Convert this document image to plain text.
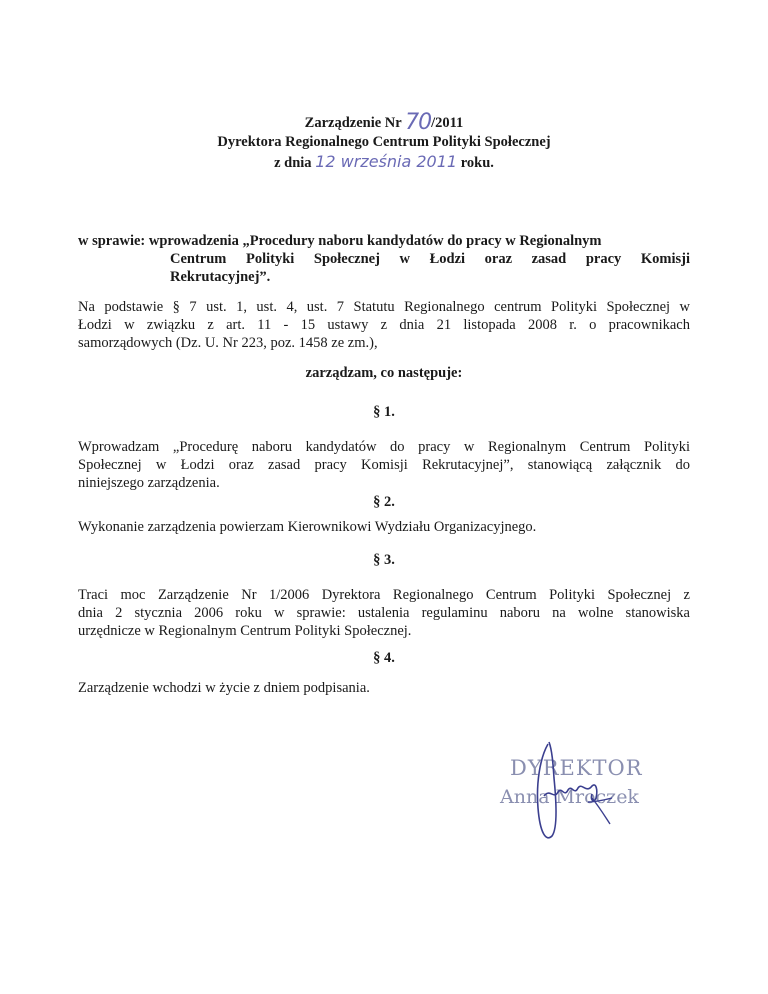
Zarządzenie Nr 70/2011
Dyrektora Regionalnego Centrum Polityki Społecznej
z dnia 12 września 2011 roku.
w sprawie: wprowadzenia „Procedury naboru kandydatów do pracy w Regionalnym
Centrum Polityki Społecznej w Łodzi oraz zasad pracy Komisji
Rekrutacyjnej”.
Na podstawie § 7 ust. 1, ust. 4, ust. 7 Statutu Regionalnego centrum Polityki Społecznej w
Łodzi w związku z art. 11 - 15 ustawy z dnia 21 listopada 2008 r. o pracownikach
samorządowych (Dz. U. Nr 223, poz. 1458 ze zm.),
zarządzam, co następuje:
§ 1.
Wprowadzam „Procedurę naboru kandydatów do pracy w Regionalnym Centrum Polityki
Społecznej w Łodzi oraz zasad pracy Komisji Rekrutacyjnej”, stanowiącą załącznik do
niniejszego zarządzenia.
§ 2.
Wykonanie zarządzenia powierzam Kierownikowi Wydziału Organizacyjnego.
§ 3.
Traci moc Zarządzenie Nr 1/2006 Dyrektora Regionalnego Centrum Polityki Społecznej z
dnia 2 stycznia 2006 roku w sprawie: ustalenia regulaminu naboru na wolne stanowiska
urzędnicze w Regionalnym Centrum Polityki Społecznej.
§ 4.
Zarządzenie wchodzi w życie z dniem podpisania.
DYREKTOR
Anna Mroczek
